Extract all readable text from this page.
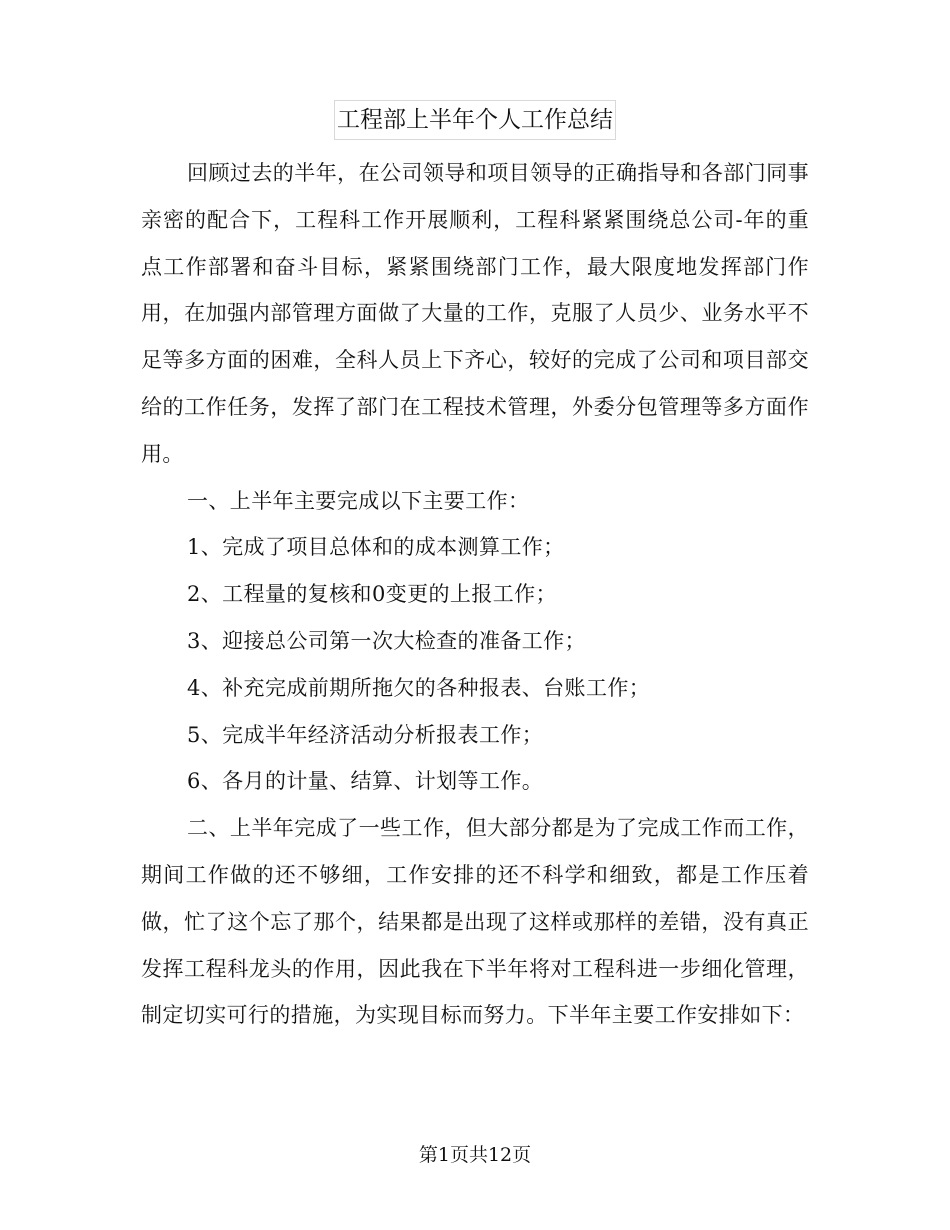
工程部上半年个人工作总结

回顾过去的半年，在公司领导和项目领导的正确指导和各部门同事亲密的配合下，工程科工作开展顺利，工程科紧紧围绕总公司-年的重点工作部署和奋斗目标，紧紧围绕部门工作，最大限度地发挥部门作用，在加强内部管理方面做了大量的工作，克服了人员少、业务水平不足等多方面的困难，全科人员上下齐心，较好的完成了公司和项目部交给的工作任务，发挥了部门在工程技术管理，外委分包管理等多方面作用。

一、上半年主要完成以下主要工作：

1、完成了项目总体和的成本测算工作；

2、工程量的复核和0变更的上报工作；

3、迎接总公司第一次大检查的准备工作；

4、补充完成前期所拖欠的各种报表、台账工作；

5、完成半年经济活动分析报表工作；

6、各月的计量、结算、计划等工作。

二、上半年完成了一些工作，但大部分都是为了完成工作而工作，期间工作做的还不够细，工作安排的还不科学和细致，都是工作压着做，忙了这个忘了那个，结果都是出现了这样或那样的差错，没有真正发挥工程科龙头的作用，因此我在下半年将对工程科进一步细化管理，制定切实可行的措施，为实现目标而努力。下半年主要工作安排如下：

第1页共12页
